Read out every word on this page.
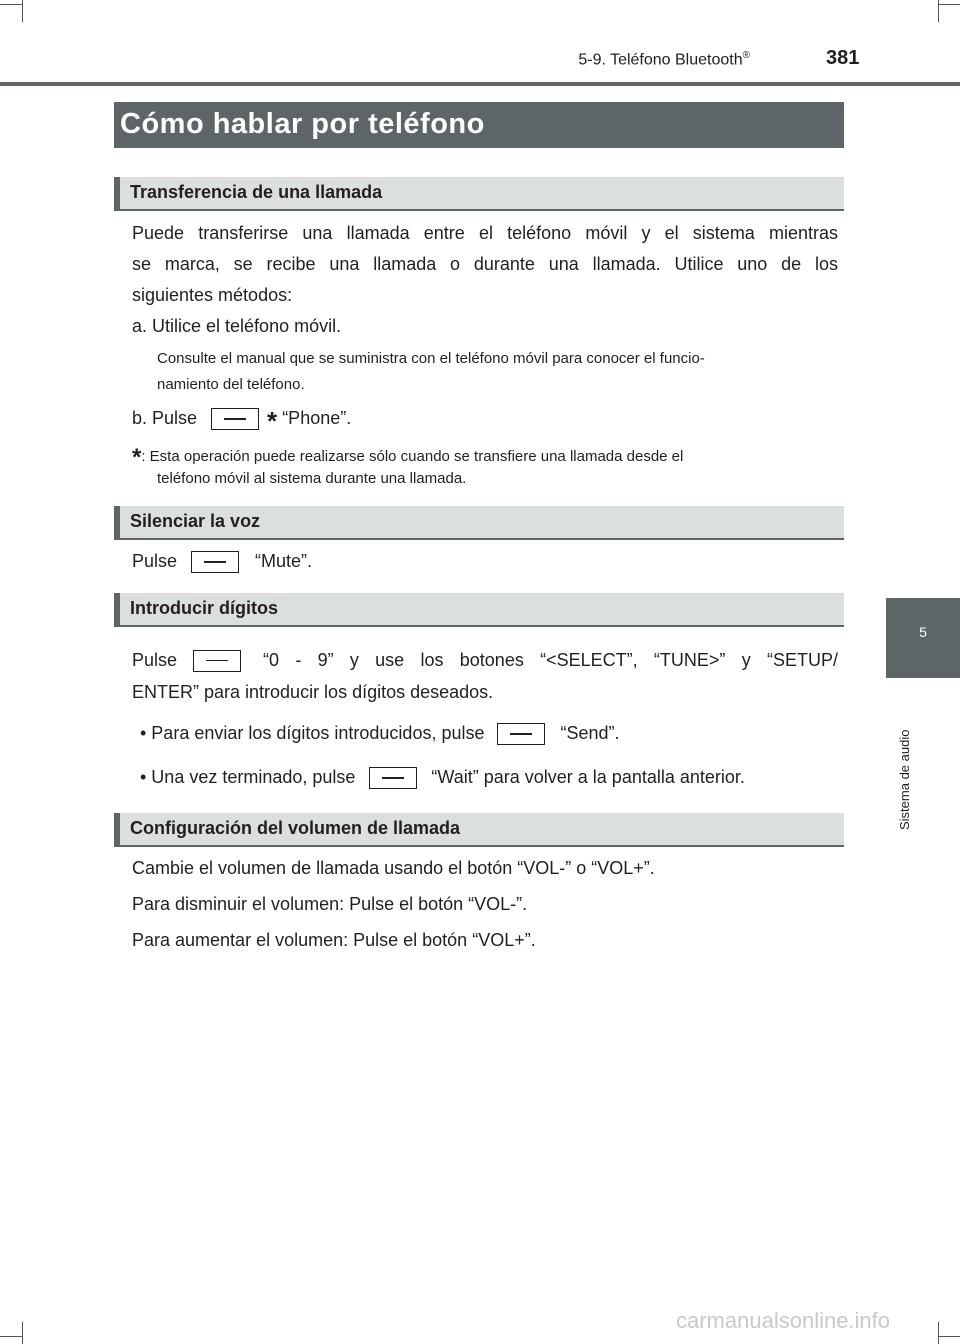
5-9. Teléfono Bluetooth®	381
Cómo hablar por teléfono
Transferencia de una llamada
Puede transferirse una llamada entre el teléfono móvil y el sistema mientras
se marca, se recibe una llamada o durante una llamada. Utilice uno de los
siguientes métodos:
a. Utilice el teléfono móvil.
Consulte el manual que se suministra con el teléfono móvil para conocer el funcio-
namiento del teléfono.
b. Pulse	* “Phone”.
*: Esta operación puede realizarse sólo cuando se transfiere una llamada desde el
teléfono móvil al sistema durante una llamada.
Silenciar la voz
Pulse	“Mute”.
Introducir dígitos
Pulse	“0 - 9” y use los botones “<SELECT”, “TUNE>” y “SETUP/
ENTER” para introducir los dígitos deseados.
• Para enviar los dígitos introducidos, pulse	“Send”.
• Una vez terminado, pulse	“Wait” para volver a la pantalla anterior.
Configuración del volumen de llamada
Cambie el volumen de llamada usando el botón “VOL-” o “VOL+”.
Para disminuir el volumen: Pulse el botón “VOL-”.
Para aumentar el volumen: Pulse el botón “VOL+”.
5
Sistema de audio
carmanualsonline.info
